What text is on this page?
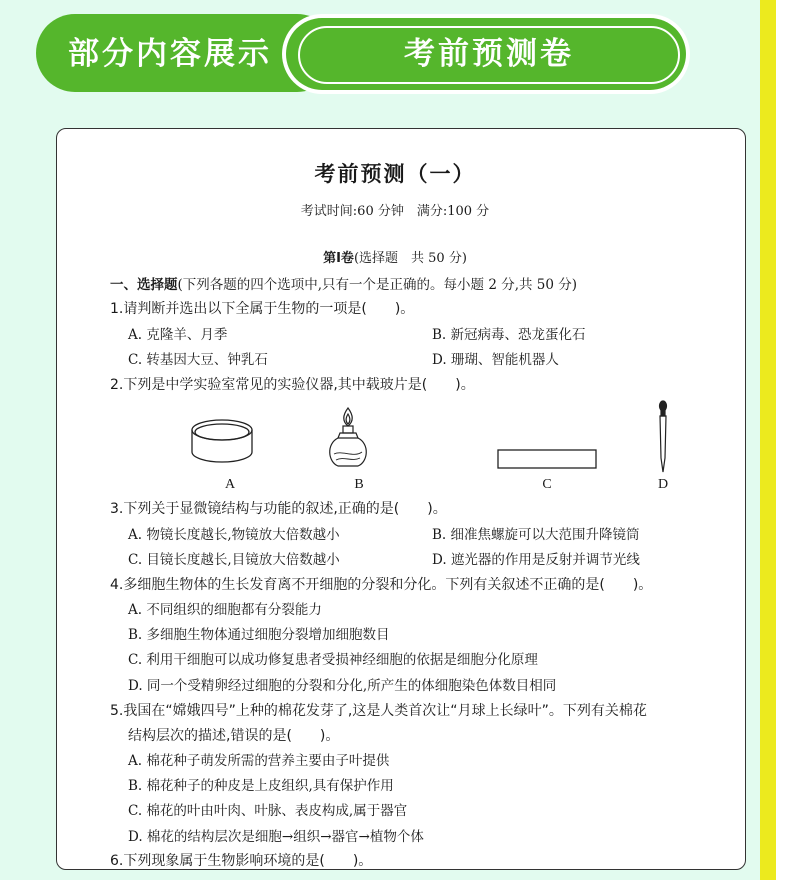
部分内容展示	考前预测卷
考前预测（一）
考试时间:60 分钟　满分:100 分
第Ⅰ卷(选择题　共 50 分)
一、选择题(下列各题的四个选项中,只有一个是正确的。每小题 2 分,共 50 分)
1.请判断并选出以下全属于生物的一项是(　　)。
A. 克隆羊、月季	B. 新冠病毒、恐龙蛋化石
C. 转基因大豆、钟乳石	D. 珊瑚、智能机器人
2.下列是中学实验室常见的实验仪器,其中载玻片是(　　)。
A	B	C	D
3.下列关于显微镜结构与功能的叙述,正确的是(　　)。
A. 物镜长度越长,物镜放大倍数越小	B. 细准焦螺旋可以大范围升降镜筒
C. 目镜长度越长,目镜放大倍数越小	D. 遮光器的作用是反射并调节光线
4.多细胞生物体的生长发育离不开细胞的分裂和分化。下列有关叙述不正确的是(　　)。
A. 不同组织的细胞都有分裂能力
B. 多细胞生物体通过细胞分裂增加细胞数目
C. 利用干细胞可以成功修复患者受损神经细胞的依据是细胞分化原理
D. 同一个受精卵经过细胞的分裂和分化,所产生的体细胞染色体数目相同
5.我国在“嫦娥四号”上种的棉花发芽了,这是人类首次让“月球上长绿叶”。下列有关棉花
结构层次的描述,错误的是(　　)。
A. 棉花种子萌发所需的营养主要由子叶提供
B. 棉花种子的种皮是上皮组织,具有保护作用
C. 棉花的叶由叶肉、叶脉、表皮构成,属于器官
D. 棉花的结构层次是细胞→组织→器官→植物个体
6.下列现象属于生物影响环境的是(　　)。
